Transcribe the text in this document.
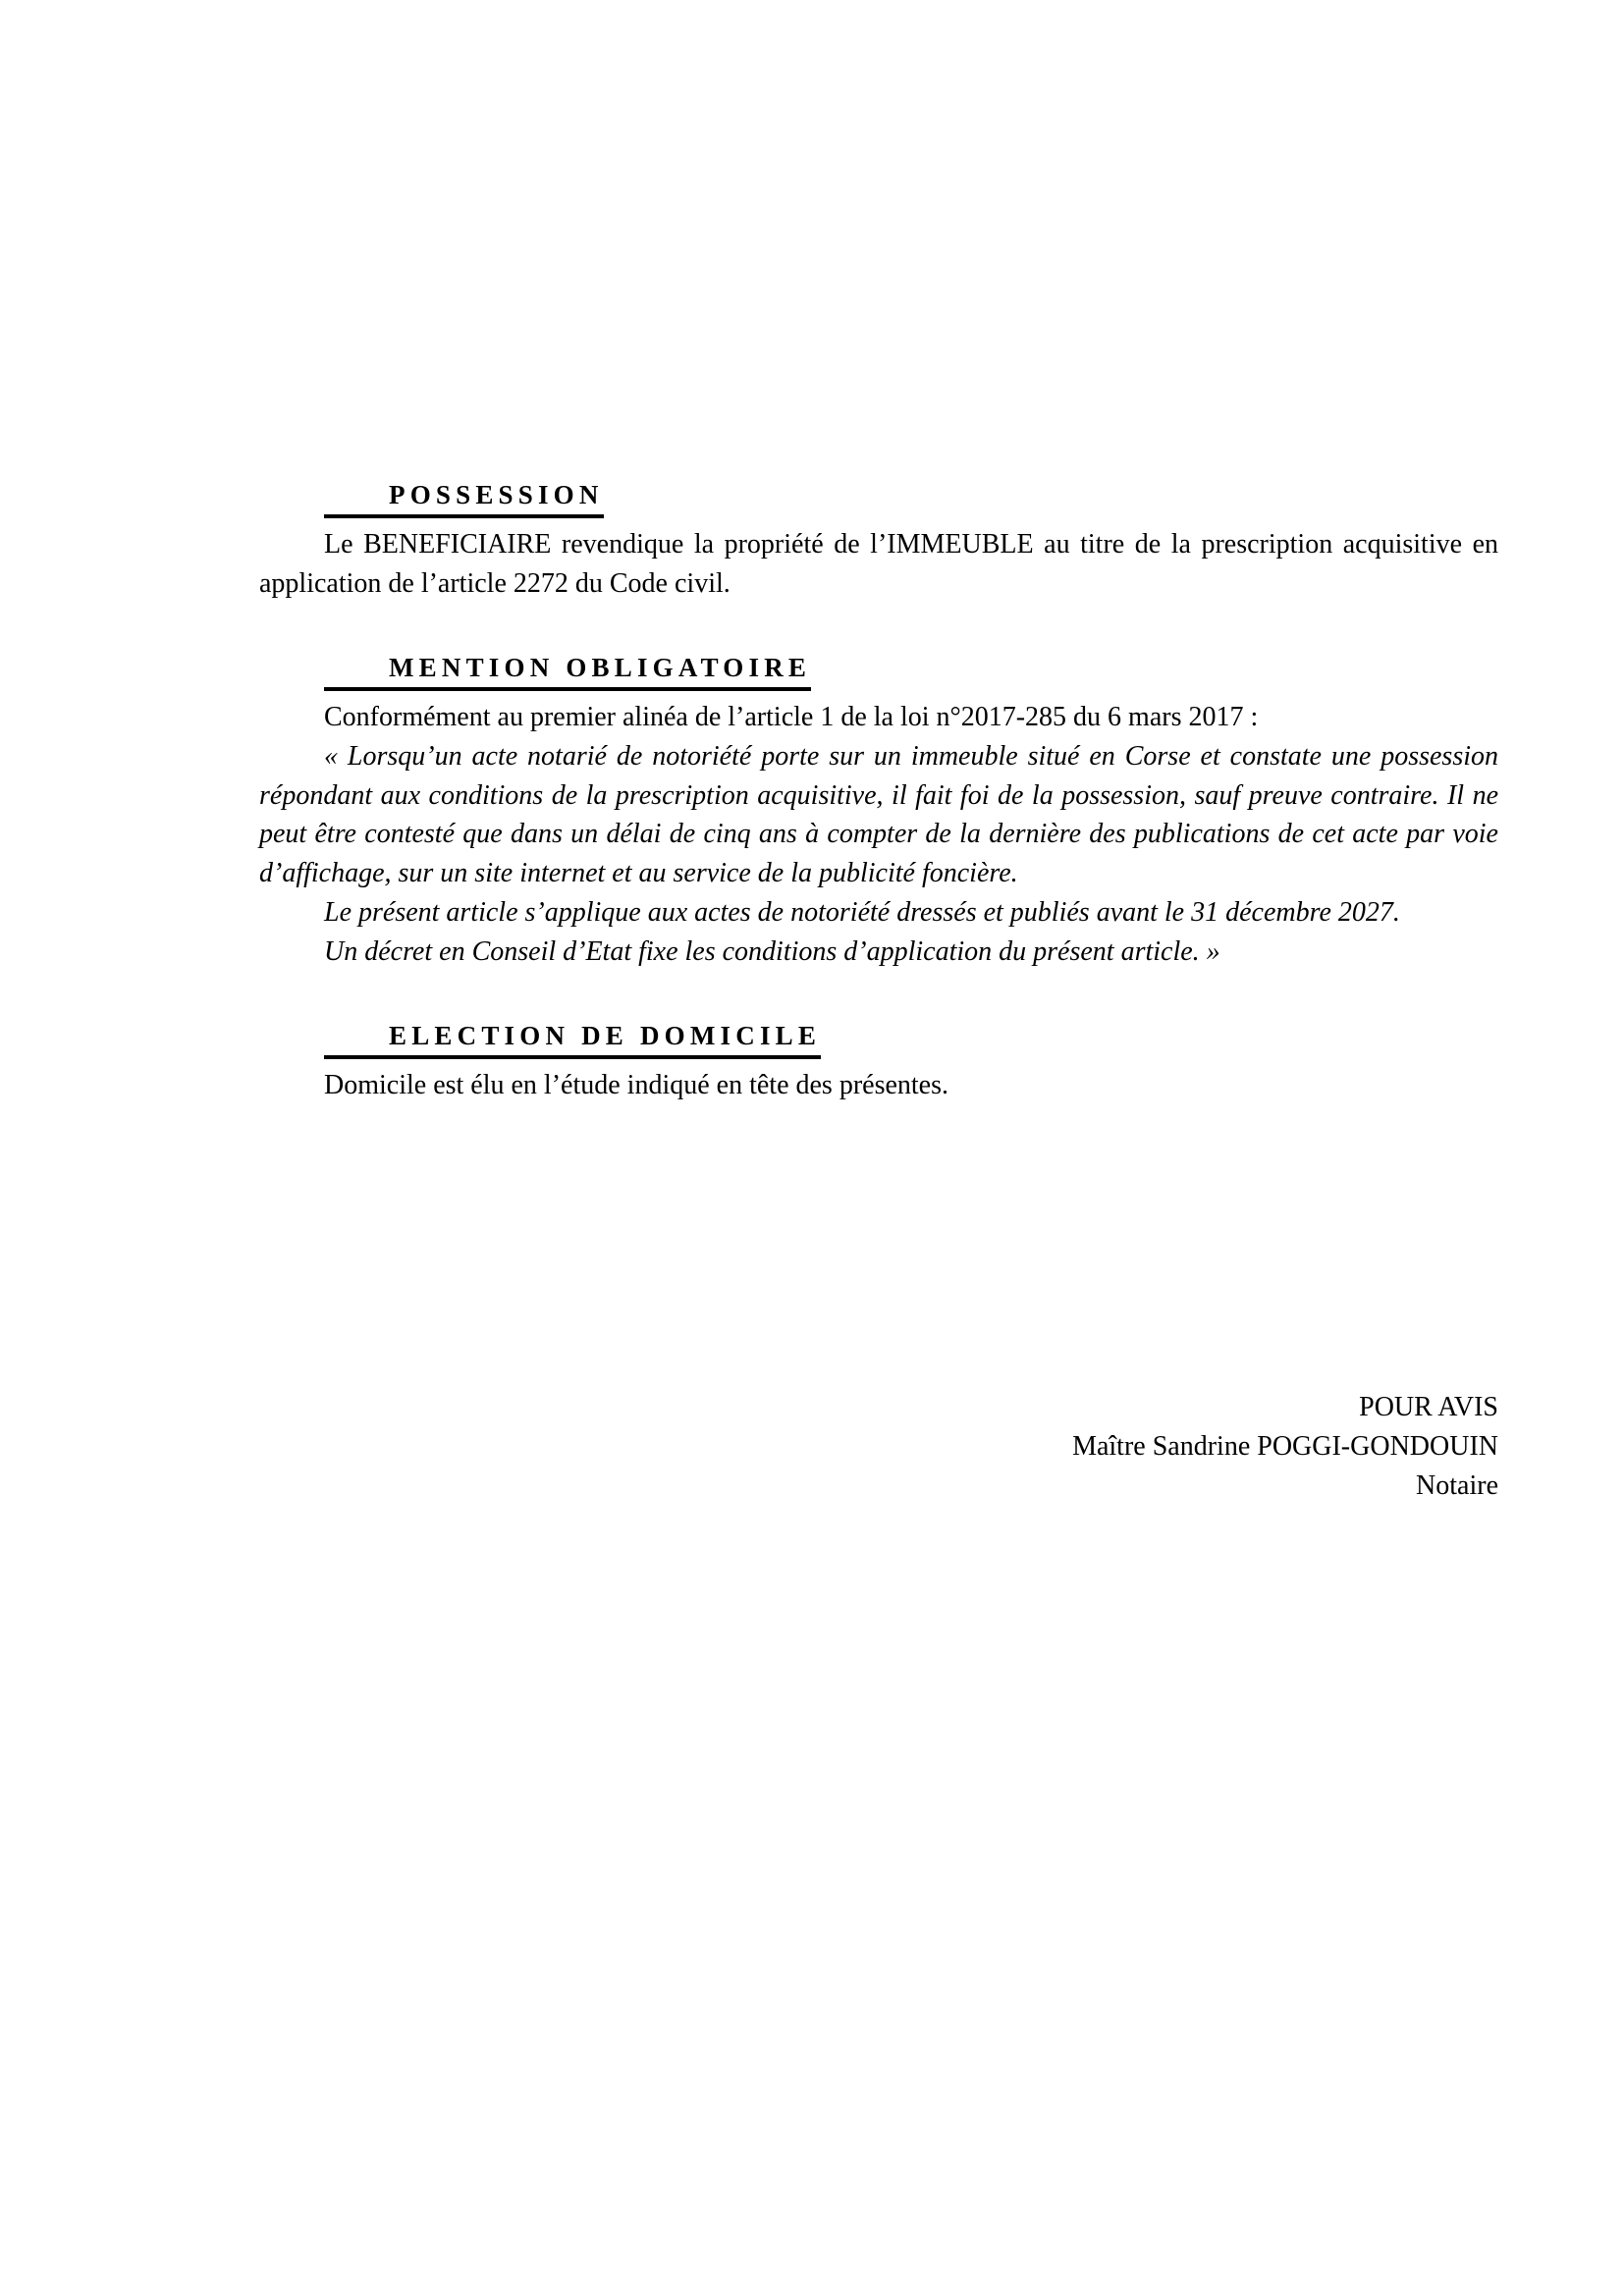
POSSESSION

Le BENEFICIAIRE revendique la propriété de l’IMMEUBLE au titre de la prescription acquisitive en application de l’article 2272 du Code civil.

MENTION OBLIGATOIRE

Conformément au premier alinéa de l’article 1 de la loi n°2017-285 du 6 mars 2017 :

« Lorsqu’un acte notarié de notoriété porte sur un immeuble situé en Corse et constate une possession répondant aux conditions de la prescription acquisitive, il fait foi de la possession, sauf preuve contraire. Il ne peut être contesté que dans un délai de cinq ans à compter de la dernière des publications de cet acte par voie d’affichage, sur un site internet et au service de la publicité foncière.

Le présent article s’applique aux actes de notoriété dressés et publiés avant le 31 décembre 2027.

Un décret en Conseil d’Etat fixe les conditions d’application du présent article. »

ELECTION DE DOMICILE

Domicile est élu en l’étude indiqué en tête des présentes.

POUR AVIS
Maître Sandrine POGGI-GONDOUIN
Notaire
